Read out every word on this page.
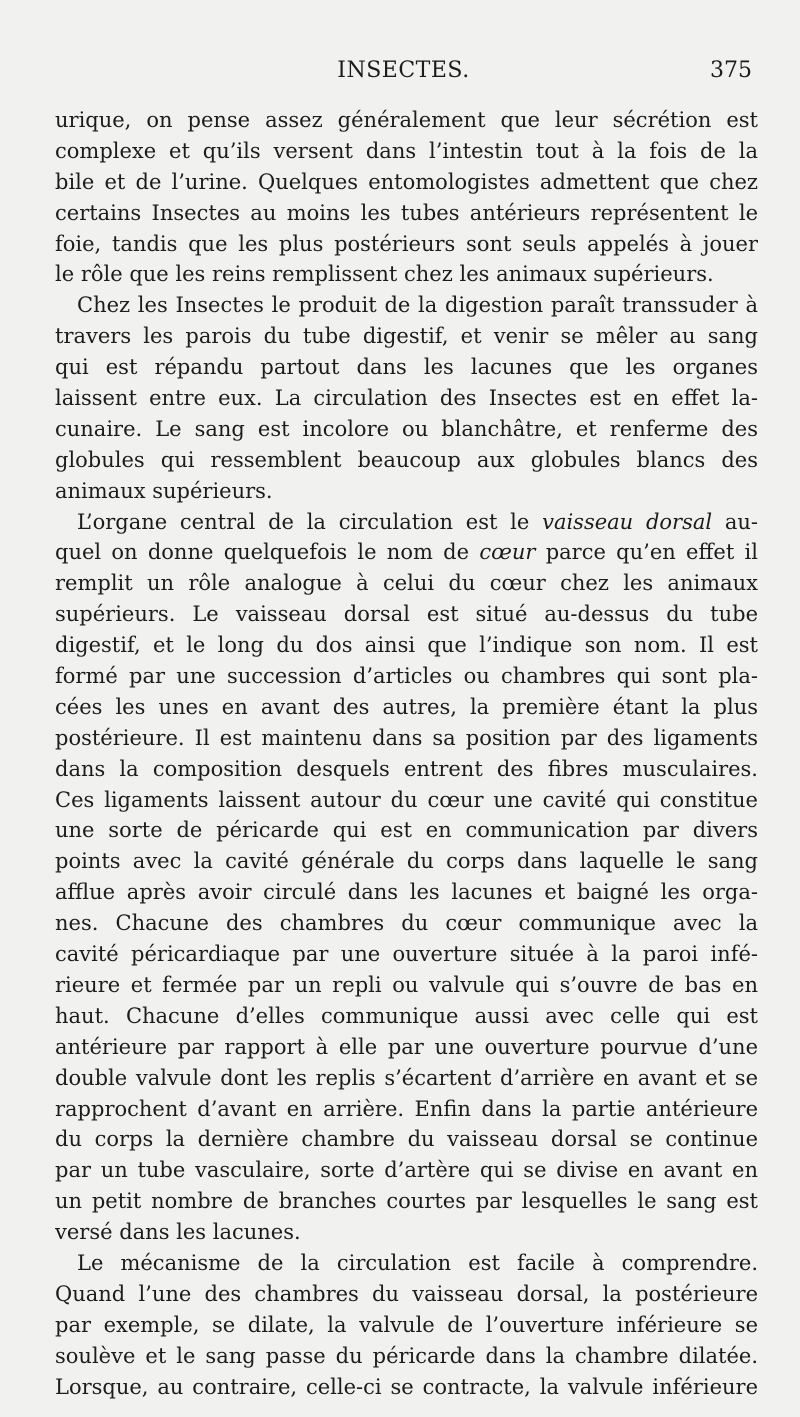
INSECTES.	375
urique, on pense assez généralement que leur sécrétion est
complexe et qu’ils versent dans l’intestin tout à la fois de la
bile et de l’urine. Quelques entomologistes admettent que chez
certains Insectes au moins les tubes antérieurs représentent le
foie, tandis que les plus postérieurs sont seuls appelés à jouer
le rôle que les reins remplissent chez les animaux supérieurs.
Chez les Insectes le produit de la digestion paraît transsuder à
travers les parois du tube digestif, et venir se mêler au sang
qui est répandu partout dans les lacunes que les organes
laissent entre eux. La circulation des Insectes est en effet la-
cunaire. Le sang est incolore ou blanchâtre, et renferme des
globules qui ressemblent beaucoup aux globules blancs des
animaux supérieurs.
L’organe central de la circulation est le vaisseau dorsal au-
quel on donne quelquefois le nom de cœur parce qu’en effet il
remplit un rôle analogue à celui du cœur chez les animaux
supérieurs. Le vaisseau dorsal est situé au-dessus du tube
digestif, et le long du dos ainsi que l’indique son nom. Il est
formé par une succession d’articles ou chambres qui sont pla-
cées les unes en avant des autres, la première étant la plus
postérieure. Il est maintenu dans sa position par des ligaments
dans la composition desquels entrent des fibres musculaires.
Ces ligaments laissent autour du cœur une cavité qui constitue
une sorte de péricarde qui est en communication par divers
points avec la cavité générale du corps dans laquelle le sang
afflue après avoir circulé dans les lacunes et baigné les orga-
nes. Chacune des chambres du cœur communique avec la
cavité péricardiaque par une ouverture située à la paroi infé-
rieure et fermée par un repli ou valvule qui s’ouvre de bas en
haut. Chacune d’elles communique aussi avec celle qui est
antérieure par rapport à elle par une ouverture pourvue d’une
double valvule dont les replis s’écartent d’arrière en avant et se
rapprochent d’avant en arrière. Enfin dans la partie antérieure
du corps la dernière chambre du vaisseau dorsal se continue
par un tube vasculaire, sorte d’artère qui se divise en avant en
un petit nombre de branches courtes par lesquelles le sang est
versé dans les lacunes.
Le mécanisme de la circulation est facile à comprendre.
Quand l’une des chambres du vaisseau dorsal, la postérieure
par exemple, se dilate, la valvule de l’ouverture inférieure se
soulève et le sang passe du péricarde dans la chambre dilatée.
Lorsque, au contraire, celle-ci se contracte, la valvule inférieure
